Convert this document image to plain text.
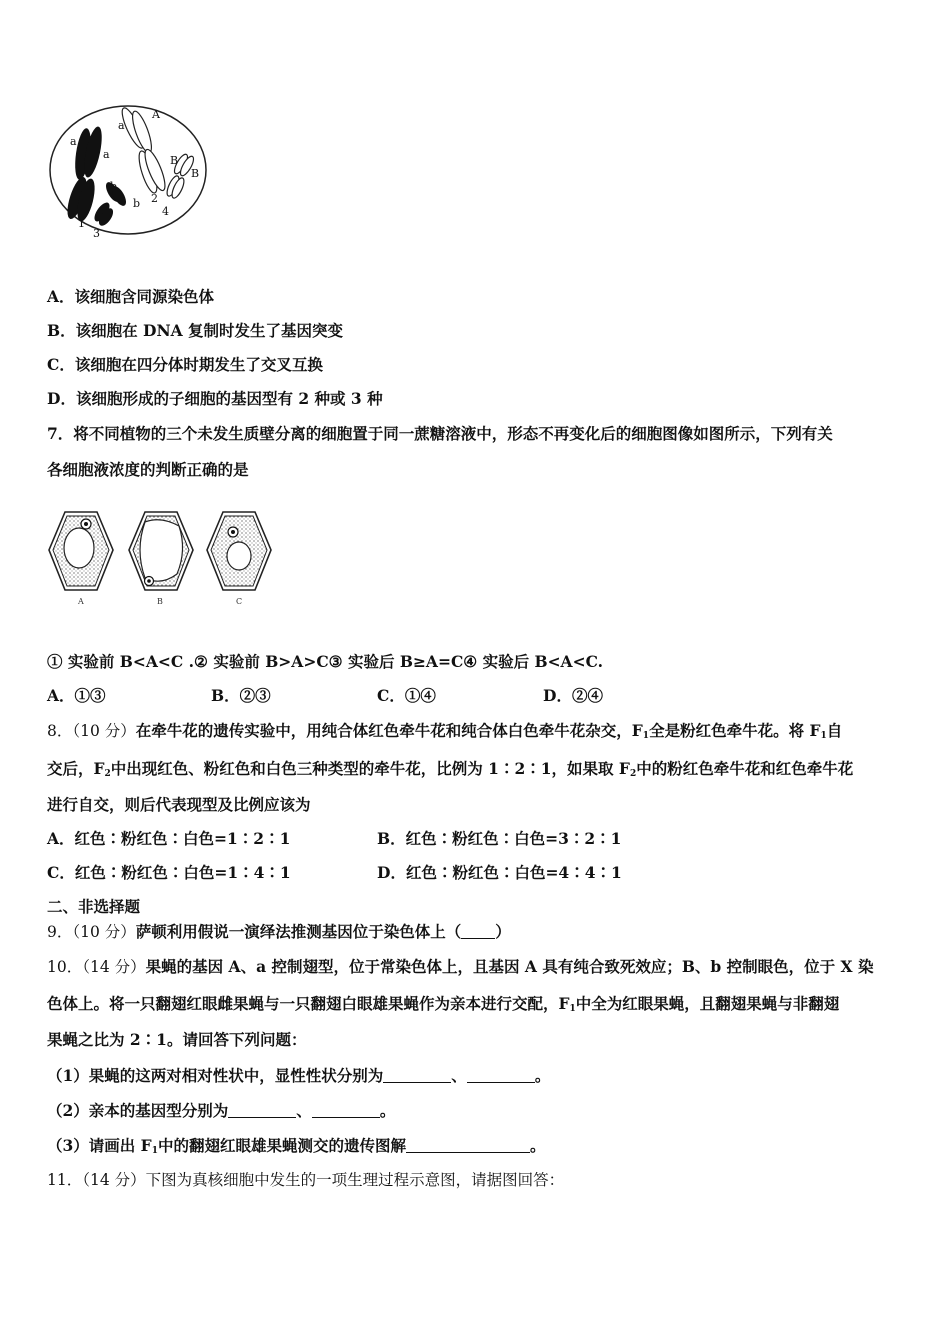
a
a
a
A
b
b
B
B
1
2
3
4
A．该细胞含同源染色体
B．该细胞在 DNA 复制时发生了基因突变
C．该细胞在四分体时期发生了交叉互换
D．该细胞形成的子细胞的基因型有 2 种或 3 种
7．将不同植物的三个未发生质壁分离的细胞置于同一蔗糖溶液中，形态不再变化后的细胞图像如图所示，下列有关
各细胞液浓度的判断正确的是
A	B	C
① 实验前 B<A<C .② 实验前 B>A>C③ 实验后 B≥A=C④ 实验后 B<A<C.
A．①③	B．②③	C．①④	D．②④
8．（10 分）在牵牛花的遗传实验中，用纯合体红色牵牛花和纯合体白色牵牛花杂交，$F_1$全是粉红色牵牛花。将 $F_1$自
交后，$F_2$中出现红色、粉红色和白色三种类型的牵牛花，比例为 1∶2∶1，如果取 $F_2$中的粉红色牵牛花和红色牵牛花
进行自交，则后代表现型及比例应该为
A．红色∶粉红色∶白色=1∶2∶1	B．红色∶粉红色∶白色=3∶2∶1
C．红色∶粉红色∶白色=1∶4∶1	D．红色∶粉红色∶白色=4∶4∶1
二、非选择题
9．（10 分）萨顿利用假说一演绎法推测基因位于染色体上（ ）
10．（14 分）果蝇的基因 A、a 控制翅型，位于常染色体上，且基因 A 具有纯合致死效应；B、b 控制眼色，位于 X 染
色体上。将一只翻翅红眼雌果蝇与一只翻翅白眼雄果蝇作为亲本进行交配，$F_1$中全为红眼果蝇，且翻翅果蝇与非翻翅
果蝇之比为 2∶1。请回答下列问题：
（1）果蝇的这两对相对性状中，显性性状分别为	、	。
（2）亲本的基因型分别为	、	。
（3）请画出 $F_1$中的翻翅红眼雄果蝇测交的遗传图解	。
11．（14 分）下图为真核细胞中发生的一项生理过程示意图，请据图回答：
